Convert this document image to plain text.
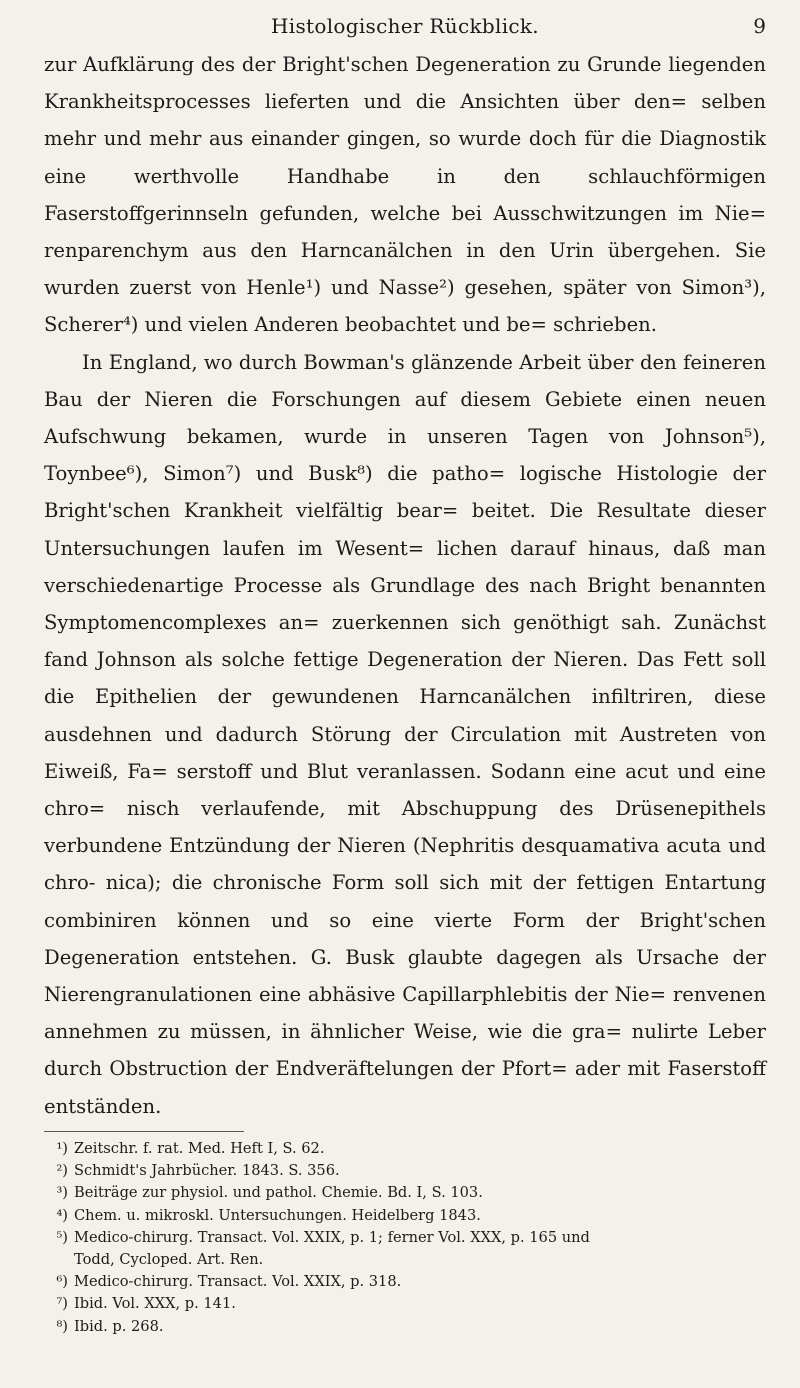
Histologischer Rückblick.	9

zur Aufklärung des der Bright'schen Degeneration zu Grunde liegenden Krankheitsprocesses lieferten und die Ansichten über den= selben mehr und mehr aus einander gingen, so wurde doch für die Diagnostik eine werthvolle Handhabe in den schlauchförmigen Faserstoffgerinnseln gefunden, welche bei Ausschwitzungen im Nie= renparenchym aus den Harncanälchen in den Urin übergehen. Sie wurden zuerst von Henle¹) und Nasse²) gesehen, später von Simon³), Scherer⁴) und vielen Anderen beobachtet und be= schrieben.

In England, wo durch Bowman's glänzende Arbeit über den feineren Bau der Nieren die Forschungen auf diesem Gebiete einen neuen Aufschwung bekamen, wurde in unseren Tagen von Johnson⁵), Toynbee⁶), Simon⁷) und Busk⁸) die patho= logische Histologie der Bright'schen Krankheit vielfältig bear= beitet. Die Resultate dieser Untersuchungen laufen im Wesent= lichen darauf hinaus, daß man verschiedenartige Processe als Grundlage des nach Bright benannten Symptomencomplexes an= zuerkennen sich genöthigt sah. Zunächst fand Johnson als solche fettige Degeneration der Nieren. Das Fett soll die Epithelien der gewundenen Harncanälchen infiltriren, diese ausdehnen und dadurch Störung der Circulation mit Austreten von Eiweiß, Fa= serstoff und Blut veranlassen. Sodann eine acut und eine chro= nisch verlaufende, mit Abschuppung des Drüsenepithels verbundene Entzündung der Nieren (Nephritis desquamativa acuta und chro- nica); die chronische Form soll sich mit der fettigen Entartung combiniren können und so eine vierte Form der Bright'schen Degeneration entstehen. G. Busk glaubte dagegen als Ursache der Nierengranulationen eine abhäsive Capillarphlebitis der Nie= renvenen annehmen zu müssen, in ähnlicher Weise, wie die gra= nulirte Leber durch Obstruction der Endveräftelungen der Pfort= ader mit Faserstoff entständen.

¹) Zeitschr. f. rat. Med. Heft I, S. 62.
²) Schmidt's Jahrbücher. 1843. S. 356.
³) Beiträge zur physiol. und pathol. Chemie. Bd. I, S. 103.
⁴) Chem. u. mikroskl. Untersuchungen. Heidelberg 1843.
⁵) Medico-chirurg. Transact. Vol. XXIX, p. 1; ferner Vol. XXX, p. 165 und
Todd, Cycloped. Art. Ren.
⁶) Medico-chirurg. Transact. Vol. XXIX, p. 318.
⁷) Ibid. Vol. XXX, p. 141.
⁸) Ibid. p. 268.
